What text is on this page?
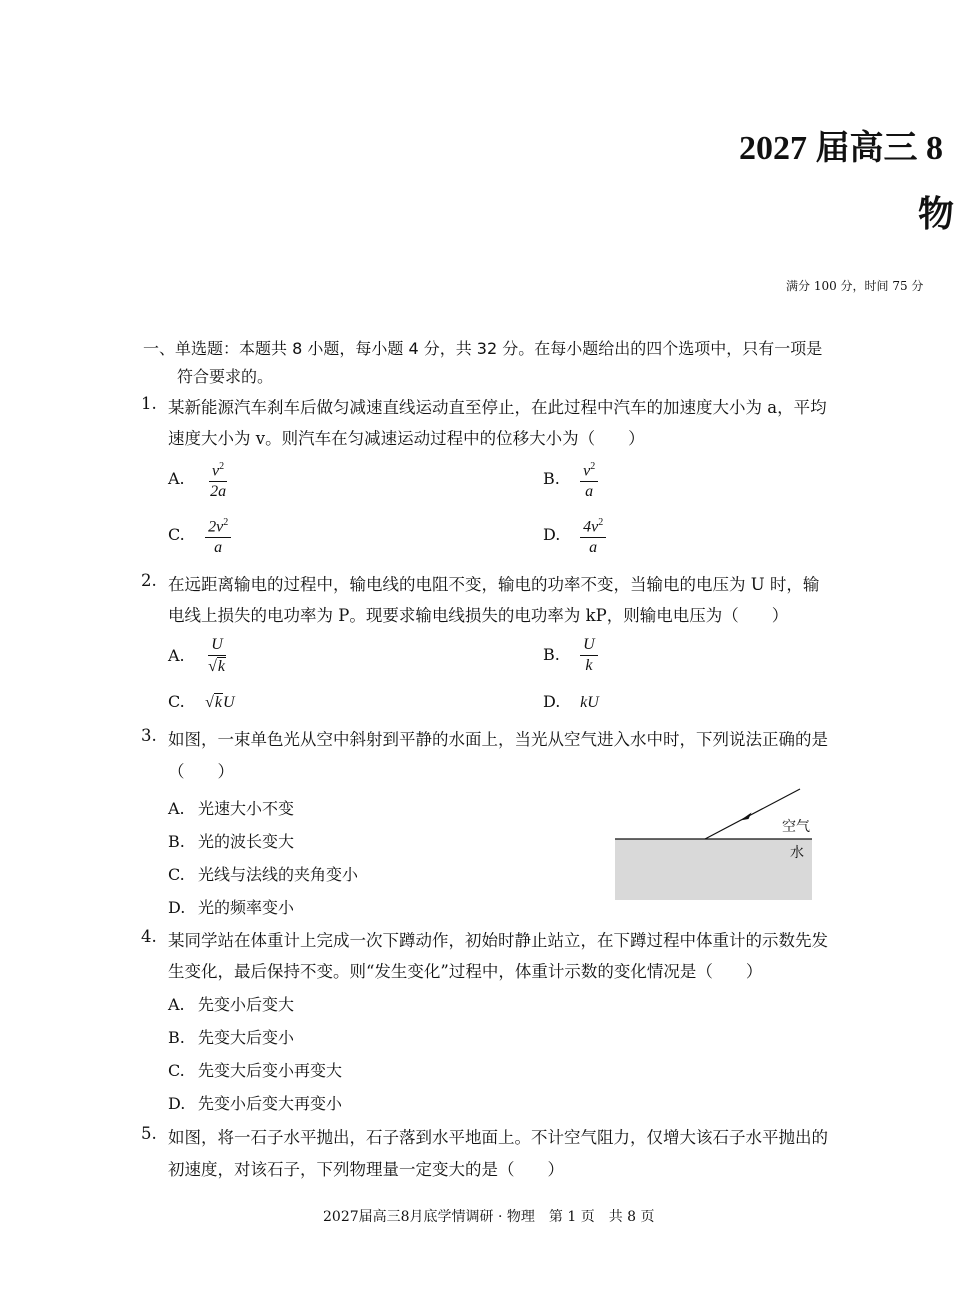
2027 届高三 8
物
满分 100 分，时间 75 分
一、单选题：本题共 8 小题，每小题 4 分，共 32 分。在每小题给出的四个选项中，只有一项是
符合要求的。
1. 某新能源汽车刹车后做匀减速直线运动直至停止，在此过程中汽车的加速度大小为 a，平均
速度大小为 v。则汽车在匀减速运动过程中的位移大小为（　　）
A. $\frac{v^2}{2a}$	B. $\frac{v^2}{a}$
C. $\frac{2v^2}{a}$	D. $\frac{4v^2}{a}$
2. 在远距离输电的过程中，输电线的电阻不变，输电的功率不变，当输电的电压为 U 时，输
电线上损失的电功率为 P。现要求输电线损失的电功率为 kP，则输电电压为（　　）
A. $\frac{U}{√k}$	B. $\frac{U}{k}$
C. √kU	D. kU
3. 如图，一束单色光从空中斜射到平静的水面上，当光从空气进入水中时，下列说法正确的是
（　　）
A. 光速大小不变
B. 光的波长变大
C. 光线与法线的夹角变小
D. 光的频率变小
空气
水
4. 某同学站在体重计上完成一次下蹲动作，初始时静止站立，在下蹲过程中体重计的示数先发
生变化，最后保持不变。则“发生变化”过程中，体重计示数的变化情况是（　　）
A. 先变小后变大
B. 先变大后变小
C. 先变大后变小再变大
D. 先变小后变大再变小
5. 如图，将一石子水平抛出，石子落到水平地面上。不计空气阻力，仅增大该石子水平抛出的
初速度，对该石子，下列物理量一定变大的是（　　）
2027届高三8月底学情调研 · 物理　第 1 页　共 8 页
